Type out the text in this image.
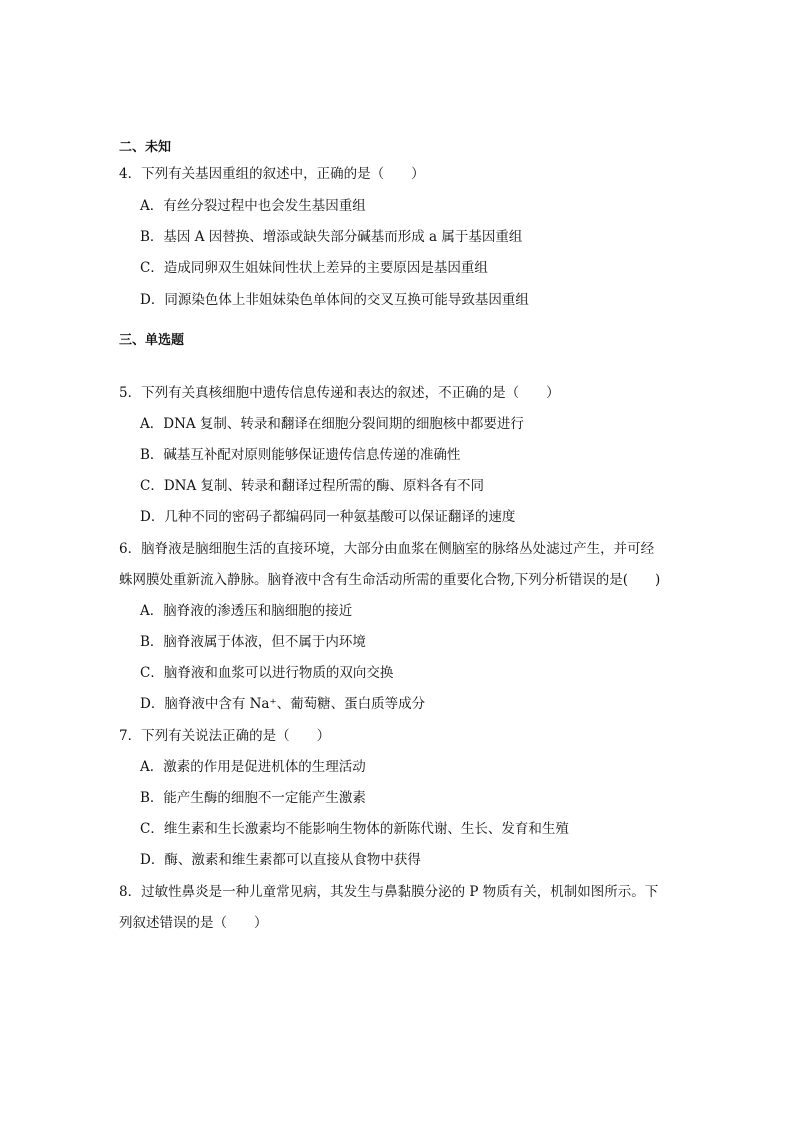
二、未知
4．下列有关基因重组的叙述中，正确的是（　　）
A．有丝分裂过程中也会发生基因重组
B．基因 A 因替换、增添或缺失部分碱基而形成 a 属于基因重组
C．造成同卵双生姐妹间性状上差异的主要原因是基因重组
D．同源染色体上非姐妹染色单体间的交叉互换可能导致基因重组
三、单选题
5．下列有关真核细胞中遗传信息传递和表达的叙述，不正确的是（　　）
A．DNA 复制、转录和翻译在细胞分裂间期的细胞核中都要进行
B．碱基互补配对原则能够保证遗传信息传递的准确性
C．DNA 复制、转录和翻译过程所需的酶、原料各有不同
D．几种不同的密码子都编码同一种氨基酸可以保证翻译的速度
6．脑脊液是脑细胞生活的直接环境，大部分由血浆在侧脑室的脉络丛处滤过产生，并可经
蛛网膜处重新流入静脉。脑脊液中含有生命活动所需的重要化合物,下列分析错误的是(　　)
A．脑脊液的渗透压和脑细胞的接近
B．脑脊液属于体液，但不属于内环境
C．脑脊液和血浆可以进行物质的双向交换
D．脑脊液中含有 Na⁺、葡萄糖、蛋白质等成分
7．下列有关说法正确的是（　　）
A．激素的作用是促进机体的生理活动
B．能产生酶的细胞不一定能产生激素
C．维生素和生长激素均不能影响生物体的新陈代谢、生长、发育和生殖
D．酶、激素和维生素都可以直接从食物中获得
8．过敏性鼻炎是一种儿童常见病，其发生与鼻黏膜分泌的 P 物质有关，机制如图所示。下
列叙述错误的是（　　）
